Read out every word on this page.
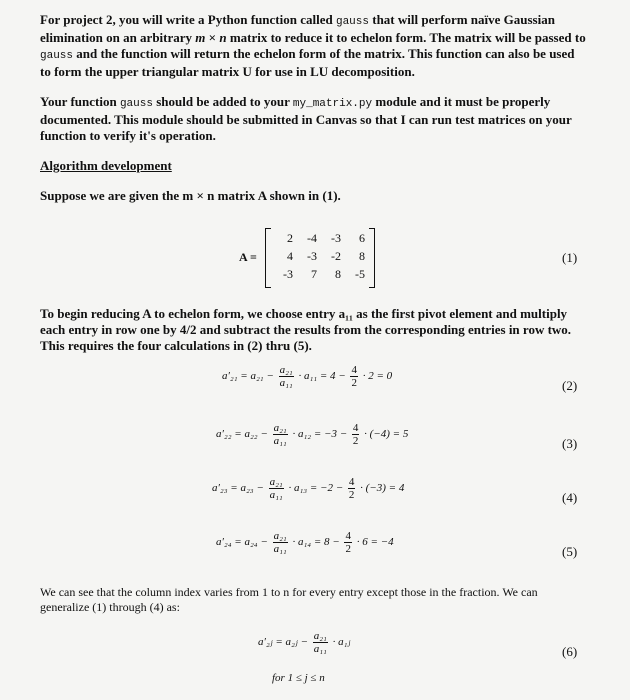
For project 2, you will write a Python function called gauss that will perform naïve Gaussian elimination on an arbitrary m × n matrix to reduce it to echelon form. The matrix will be passed to gauss and the function will return the echelon form of the matrix. This function can also be used to form the upper triangular matrix U for use in LU decomposition.
Your function gauss should be added to your my_matrix.py module and it must be properly documented. This module should be submitted in Canvas so that I can run test matrices on your function to verify it's operation.
Algorithm development
Suppose we are given the m × n matrix A shown in (1).
A =
2	-4	-3	6
4	-3	-2	8
-3	7	8	-5
(1)
To begin reducing A to echelon form, we choose entry a₁₁ as the first pivot element and multiply each entry in row one by 4/2 and subtract the results from the corresponding entries in row two. This requires the four calculations in (2) thru (5).
$a'_{21} = a_{21} - \frac{\text{a₂₁}}{\text{a₁₁}} \cdot a_{11} = 4 - \frac{4}{2} \cdot 2 = 0$
(2)
$a'_{22} = a_{22} - \frac{\text{a₂₁}}{\text{a₁₁}} \cdot a_{12} = -3 - \frac{4}{2} \cdot (-4) = 5$
(3)
$a'_{23} = a_{23} - \frac{\text{a₂₁}}{\text{a₁₁}} \cdot a_{13} = -2 - \frac{4}{2} \cdot (-3) = 4$
(4)
$a'_{24} = a_{24} - \frac{\text{a₂₁}}{\text{a₁₁}} \cdot a_{14} = 8 - \frac{4}{2} \cdot 6 = -4$
(5)
We can see that the column index varies from 1 to n for every entry except those in the fraction. We can generalize (1) through (4) as:
a′₂ⱼ = a₂ⱼ − $\frac{\text{a₂₁}}{\text{a₁₁}}$ · a₁ⱼ
for 1 ≤ j ≤ n
(6)
